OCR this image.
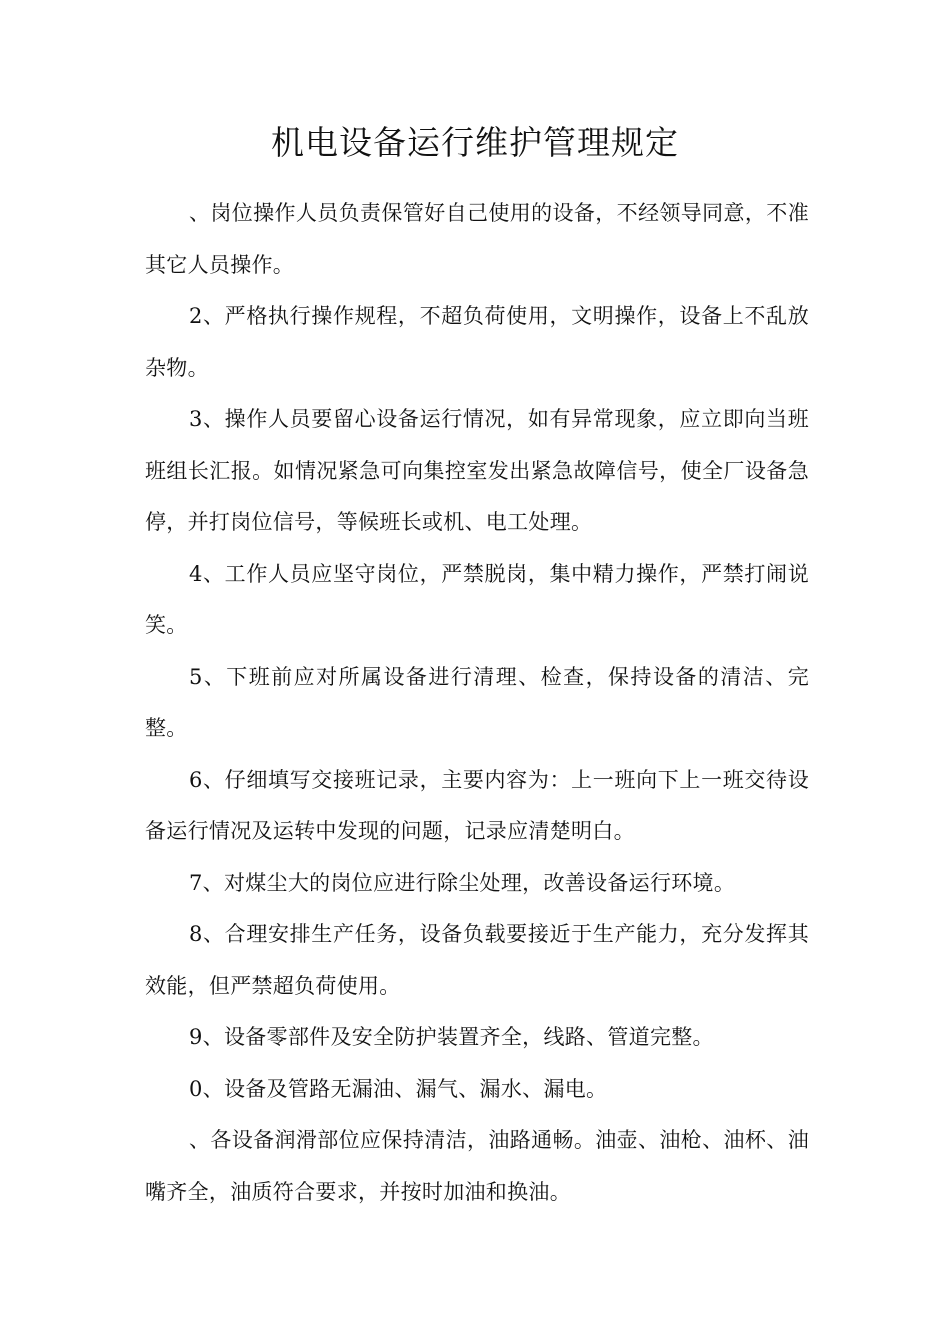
机电设备运行维护管理规定

、岗位操作人员负责保管好自己使用的设备，不经领导同意，不准其它人员操作。

2、严格执行操作规程，不超负荷使用，文明操作，设备上不乱放杂物。

3、操作人员要留心设备运行情况，如有异常现象，应立即向当班班组长汇报。如情况紧急可向集控室发出紧急故障信号，使全厂设备急停，并打岗位信号，等候班长或机、电工处理。

4、工作人员应坚守岗位，严禁脱岗，集中精力操作，严禁打闹说笑。

5、下班前应对所属设备进行清理、检查，保持设备的清洁、完整。

6、仔细填写交接班记录，主要内容为：上一班向下上一班交待设备运行情况及运转中发现的问题，记录应清楚明白。

7、对煤尘大的岗位应进行除尘处理，改善设备运行环境。

8、合理安排生产任务，设备负载要接近于生产能力，充分发挥其效能，但严禁超负荷使用。

9、设备零部件及安全防护装置齐全，线路、管道完整。

0、设备及管路无漏油、漏气、漏水、漏电。

、各设备润滑部位应保持清洁，油路通畅。油壶、油枪、油杯、油嘴齐全，油质符合要求，并按时加油和换油。
